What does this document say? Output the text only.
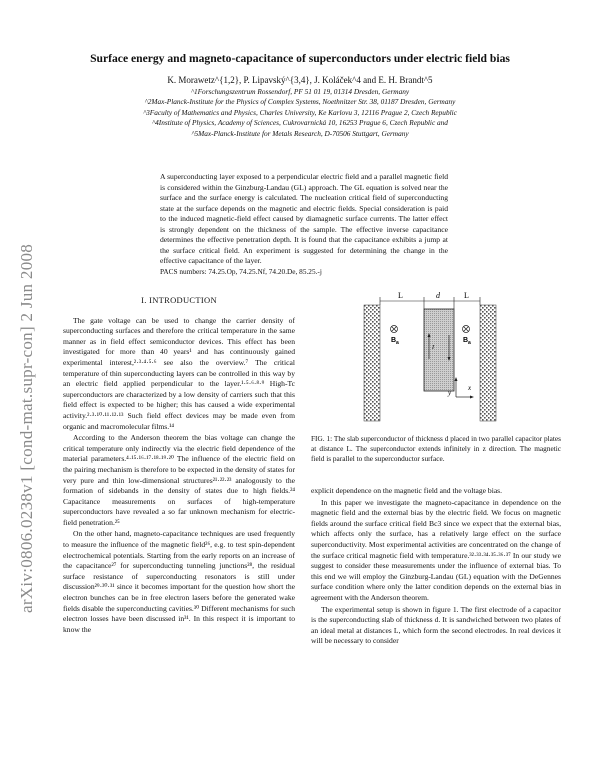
Surface energy and magneto-capacitance of superconductors under electric field bias
K. Morawetz^{1,2}, P. Lipavský^{3,4}, J. Koláček^4 and E. H. Brandt^5
^1Forschungszentrum Rossendorf, PF 51 01 19, 01314 Dresden, Germany
^2Max-Planck-Institute for the Physics of Complex Systems, Noethnitzer Str. 38, 01187 Dresden, Germany
^3Faculty of Mathematics and Physics, Charles University, Ke Karlovu 3, 12116 Prague 2, Czech Republic
^4Institute of Physics, Academy of Sciences, Cukrovarnická 10, 16253 Prague 6, Czech Republic and
^5Max-Planck-Institute for Metals Research, D-70506 Stuttgart, Germany
A superconducting layer exposed to a perpendicular electric field and a parallel magnetic field is considered within the Ginzburg-Landau (GL) approach. The GL equation is solved near the surface and the surface energy is calculated. The nucleation critical field of superconducting state at the surface depends on the magnetic and electric fields. Special consideration is paid to the induced magnetic-field effect caused by diamagnetic surface currents. The latter effect is strongly dependent on the thickness of the sample. The effective inverse capacitance determines the effective penetration depth. It is found that the capacitance exhibits a jump at the surface critical field. An experiment is suggested for determining the change in the effective capacitance of the layer.
PACS numbers: 74.25.Op, 74.25.Nf, 74.20.De, 85.25.-j
arXiv:0806.0238v1 [cond-mat.supr-con] 2 Jun 2008	I. INTRODUCTION

The gate voltage can be used to change the carrier density of superconducting surfaces and therefore the critical temperature in the same manner as in field effect semiconductor devices. This effect has been investigated for more than 40 years¹ and has continuously gained experimental interest,²·³·⁴·⁵·⁶ see also the overview.⁷ The critical temperature of thin superconducting layers can be controlled in this way by an electric field applied perpendicular to the layer.¹·⁵·⁶·⁸·⁹ High-Tc superconductors are characterized by a low density of carriers such that this field effect is expected to be higher; this has caused a wide experimental activity.²·³·¹⁰·¹¹·¹²·¹³ Such field effect devices may be made even from organic and macromolecular films.¹⁴

According to the Anderson theorem the bias voltage can change the critical temperature only indirectly via the electric field dependence of the material parameters.⁴·¹⁵·¹⁶·¹⁷·¹⁸·¹⁹·²⁰ The influence of the electric field on the pairing mechanism is therefore to be expected in the density of states for very pure and thin low-dimensional structures²¹·²²·²³ analogously to the formation of sidebands in the density of states due to high fields.²⁴ Capacitance measurements on surfaces of high-temperature superconductors have revealed a so far unknown mechanism for electric-field penetration.²⁵

On the other hand, magneto-capacitance techniques are used frequently to measure the influence of the magnetic field²⁶, e.g. to test spin-dependent electrochemical potentials. Starting from the early reports on an increase of the capacitance²⁷ for superconducting tunneling junctions²⁸, the residual surface resistance of superconducting resonators is still under discussion²⁹·³⁰·³¹ since it becomes important for the question how short the electron bunches can be in free electron lasers before the generated wake fields disable the superconducting cavities.³⁰ Different mechanisms for such electron losses have been discussed in³¹. In this respect it is important to know the

explicit dependence on the magnetic field and the voltage bias.

In this paper we investigate the magneto-capacitance in dependence on the magnetic field and the external bias by the electric field. We focus on magnetic fields around the surface critical field Bc3 since we expect that the external bias, which affects only the surface, has a relatively large effect on the surface superconductivity. Most experimental activities are concentrated on the change of the surface critical magnetic field with temperature.³²·³³·³⁴·³⁵·³⁶·³⁷ In our study we suggest to consider these measurements under the influence of external bias. To this end we will employ the Ginzburg-Landau (GL) equation with the DeGennes surface condition where only the latter condition depends on the external bias in agreement with the Anderson theorem.

The experimental setup is shown in figure 1. The first electrode of a capacitor is the superconducting slab of thickness d. It is sandwiched between two plates of an ideal metal at distances L, which form the second electrodes. In real devices it will be necessary to consider

L	d	L
B a	B a
I
x
y
FIG. 1: The slab superconductor of thickness d placed in two parallel capacitor plates at distance L. The superconductor extends infinitely in z direction. The magnetic field is parallel to the superconductor surface.
